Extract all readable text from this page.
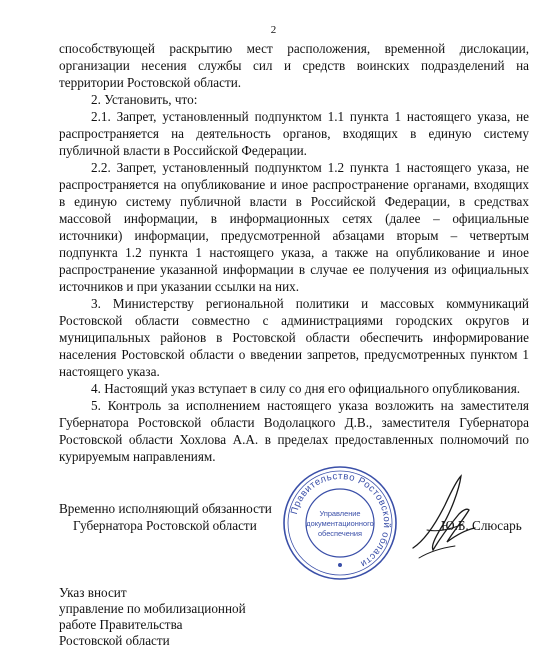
2

способствующей раскрытию мест расположения, временной дислокации, организации несения службы сил и средств воинских подразделений на территории Ростовской области.

2. Установить, что:

2.1. Запрет, установленный подпунктом 1.1 пункта 1 настоящего указа, не распространяется на деятельность органов, входящих в единую систему публичной власти в Российской Федерации.

2.2. Запрет, установленный подпунктом 1.2 пункта 1 настоящего указа, не распространяется на опубликование и иное распространение органами, входящих в единую систему публичной власти в Российской Федерации, в средствах массовой информации, в информационных сетях (далее – официальные источники) информации, предусмотренной абзацами вторым – четвертым подпункта 1.2 пункта 1 настоящего указа, а также на опубликование и иное распространение указанной информации в случае ее получения из официальных источников и при указании ссылки на них.

3. Министерству региональной политики и массовых коммуникаций Ростовской области совместно с администрациями городских округов и муниципальных районов в Ростовской области обеспечить информирование населения Ростовской области о введении запретов, предусмотренных пунктом 1 настоящего указа.

4. Настоящий указ вступает в силу со дня его официального опубликования.

5. Контроль за исполнением настоящего указа возложить на заместителя Губернатора Ростовской области Водолацкого Д.В., заместителя Губернатора Ростовской области Хохлова А.А. в пределах предоставленных полномочий по курируемым направлениям.

Временно исполняющий обязанности
Губернатора Ростовской области
Правительство Ростовской области
Управление
документационного
обеспечения
Ю.Б. Слюсарь
Указ вносит
управление по мобилизационной
работе Правительства
Ростовской области
